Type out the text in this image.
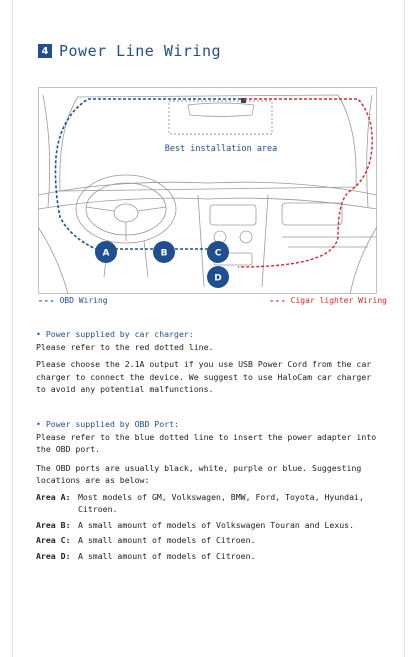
4 Power Line Wiring
Best installation area
A	B	C
D
--- OBD Wiring	--- Cigar lighter Wiring
• Power supplied by car charger:
Please refer to the red dotted line.
Please choose the 2.1A output if you use USB Power Cord from the car charger to connect the device. We suggest to use HaloCam car charger to avoid any potential malfunctions.
• Power supplied by OBD Port:
Please refer to the blue dotted line to insert the power adapter into the OBD port.
The OBD ports are usually black, white, purple or blue. Suggesting locations are as below:
Area A: Most models of GM, Volkswagen, BMW, Ford, Toyota, Hyundai, Citroen.
Area B: A small amount of models of Volkswagen Touran and Lexus.
Area C: A small amount of models of Citroen.
Area D: A small amount of models of Citroen.
